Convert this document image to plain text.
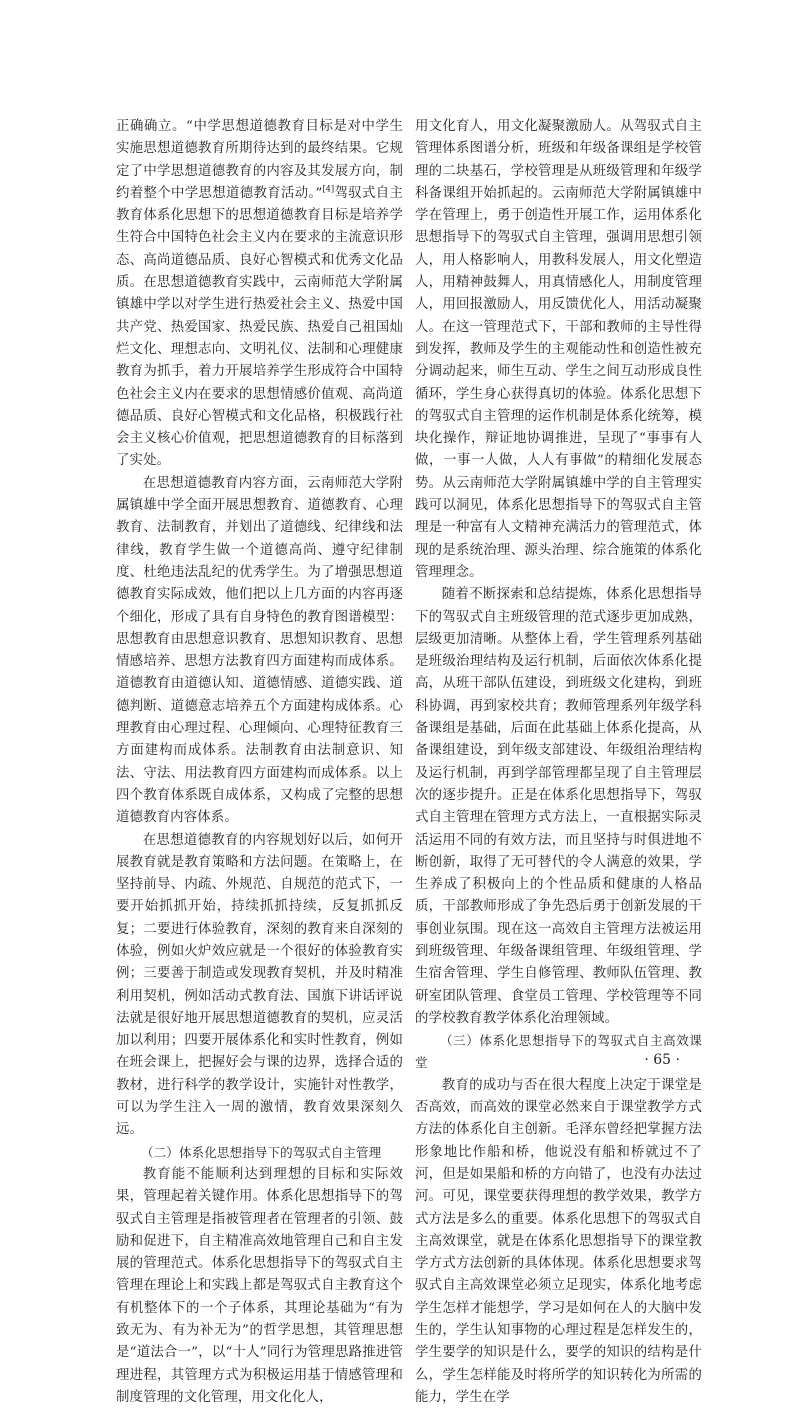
正确确立。“中学思想道德教育目标是对中学生实施思想道德教育所期待达到的最终结果。它规定了中学思想道德教育的内容及其发展方向，制约着整个中学思想道德教育活动。”[4]驾驭式自主教育体系化思想下的思想道德教育目标是培养学生符合中国特色社会主义内在要求的主流意识形态、高尚道德品质、良好心智模式和优秀文化品质。在思想道德教育实践中，云南师范大学附属镇雄中学以对学生进行热爱社会主义、热爱中国共产党、热爱国家、热爱民族、热爱自己祖国灿烂文化、理想志向、文明礼仪、法制和心理健康教育为抓手，着力开展培养学生形成符合中国特色社会主义内在要求的思想情感价值观、高尚道德品质、良好心智模式和文化品格，积极践行社会主义核心价值观，把思想道德教育的目标落到了实处。

在思想道德教育内容方面，云南师范大学附属镇雄中学全面开展思想教育、道德教育、心理教育、法制教育，并划出了道德线、纪律线和法律线，教育学生做一个道德高尚、遵守纪律制度、杜绝违法乱纪的优秀学生。为了增强思想道德教育实际成效，他们把以上几方面的内容再逐个细化，形成了具有自身特色的教育图谱模型：思想教育由思想意识教育、思想知识教育、思想情感培养、思想方法教育四方面建构而成体系。道德教育由道德认知、道德情感、道德实践、道德判断、道德意志培养五个方面建构成体系。心理教育由心理过程、心理倾向、心理特征教育三方面建构而成体系。法制教育由法制意识、知法、守法、用法教育四方面建构而成体系。以上四个教育体系既自成体系，又构成了完整的思想道德教育内容体系。

在思想道德教育的内容规划好以后，如何开展教育就是教育策略和方法问题。在策略上，在坚持前导、内疏、外规范、自规范的范式下，一要开始抓抓开始，持续抓抓持续，反复抓抓反复；二要进行体验教育，深刻的教育来自深刻的体验，例如火炉效应就是一个很好的体验教育实例；三要善于制造或发现教育契机，并及时精准利用契机，例如活动式教育法、国旗下讲话评说法就是很好地开展思想道德教育的契机，应灵活加以利用；四要开展体系化和实时性教育，例如在班会课上，把握好会与课的边界，选择合适的教材，进行科学的教学设计，实施针对性教学，可以为学生注入一周的激情，教育效果深刻久远。

（二）体系化思想指导下的驾驭式自主管理

教育能不能顺利达到理想的目标和实际效果，管理起着关键作用。体系化思想指导下的驾驭式自主管理是指被管理者在管理者的引领、鼓励和促进下，自主精准高效地管理自己和自主发展的管理范式。体系化思想指导下的驾驭式自主管理在理论上和实践上都是驾驭式自主教育这个有机整体下的一个子体系，其理论基础为“有为致无为、有为补无为”的哲学思想，其管理思想是“道法合一”，以“十人”同行为管理思路推进管理进程，其管理方式为积极运用基于情感管理和制度管理的文化管理，用文化化人，

用文化育人，用文化凝聚激励人。从驾驭式自主管理体系图谱分析，班级和年级备课组是学校管理的二块基石，学校管理是从班级管理和年级学科备课组开始抓起的。云南师范大学附属镇雄中学在管理上，勇于创造性开展工作，运用体系化思想指导下的驾驭式自主管理，强调用思想引领人，用人格影响人，用教科发展人，用文化塑造人，用精神鼓舞人，用真情感化人，用制度管理人，用回报激励人，用反馈优化人，用活动凝聚人。在这一管理范式下，干部和教师的主导性得到发挥，教师及学生的主观能动性和创造性被充分调动起来，师生互动、学生之间互动形成良性循环，学生身心获得真切的体验。体系化思想下的驾驭式自主管理的运作机制是体系化统筹，模块化操作，辩证地协调推进，呈现了“事事有人做，一事一人做，人人有事做”的精细化发展态势。从云南师范大学附属镇雄中学的自主管理实践可以洞见，体系化思想指导下的驾驭式自主管理是一种富有人文精神充满活力的管理范式，体现的是系统治理、源头治理、综合施策的体系化管理理念。

随着不断探索和总结提炼，体系化思想指导下的驾驭式自主班级管理的范式逐步更加成熟，层级更加清晰。从整体上看，学生管理系列基础是班级治理结构及运行机制，后面依次体系化提高，从班干部队伍建设，到班级文化建构，到班科协调，再到家校共育；教师管理系列年级学科备课组是基础，后面在此基础上体系化提高，从备课组建设，到年级支部建设、年级组治理结构及运行机制，再到学部管理都呈现了自主管理层次的逐步提升。正是在体系化思想指导下，驾驭式自主管理在管理方式方法上，一直根据实际灵活运用不同的有效方法，而且坚持与时俱进地不断创新，取得了无可替代的令人满意的效果，学生养成了积极向上的个性品质和健康的人格品质，干部教师形成了争先恐后勇于创新发展的干事创业氛围。现在这一高效自主管理方法被运用到班级管理、年级备课组管理、年级组管理、学生宿舍管理、学生自修管理、教师队伍管理、教研室团队管理、食堂员工管理、学校管理等不同的学校教育教学体系化治理领域。

（三）体系化思想指导下的驾驭式自主高效课堂

教育的成功与否在很大程度上决定于课堂是否高效，而高效的课堂必然来自于课堂教学方式方法的体系化自主创新。毛泽东曾经把掌握方法形象地比作船和桥，他说没有船和桥就过不了河，但是如果船和桥的方向错了，也没有办法过河。可见，课堂要获得理想的教学效果，教学方式方法是多么的重要。体系化思想下的驾驭式自主高效课堂，就是在体系化思想指导下的课堂教学方式方法创新的具体体现。体系化思想要求驾驭式自主高效课堂必须立足现实，体系化地考虑学生怎样才能想学，学习是如何在人的大脑中发生的，学生认知事物的心理过程是怎样发生的，学生要学的知识是什么，要学的知识的结构是什么，学生怎样能及时将所学的知识转化为所需的能力，学生在学

· 65 ·
